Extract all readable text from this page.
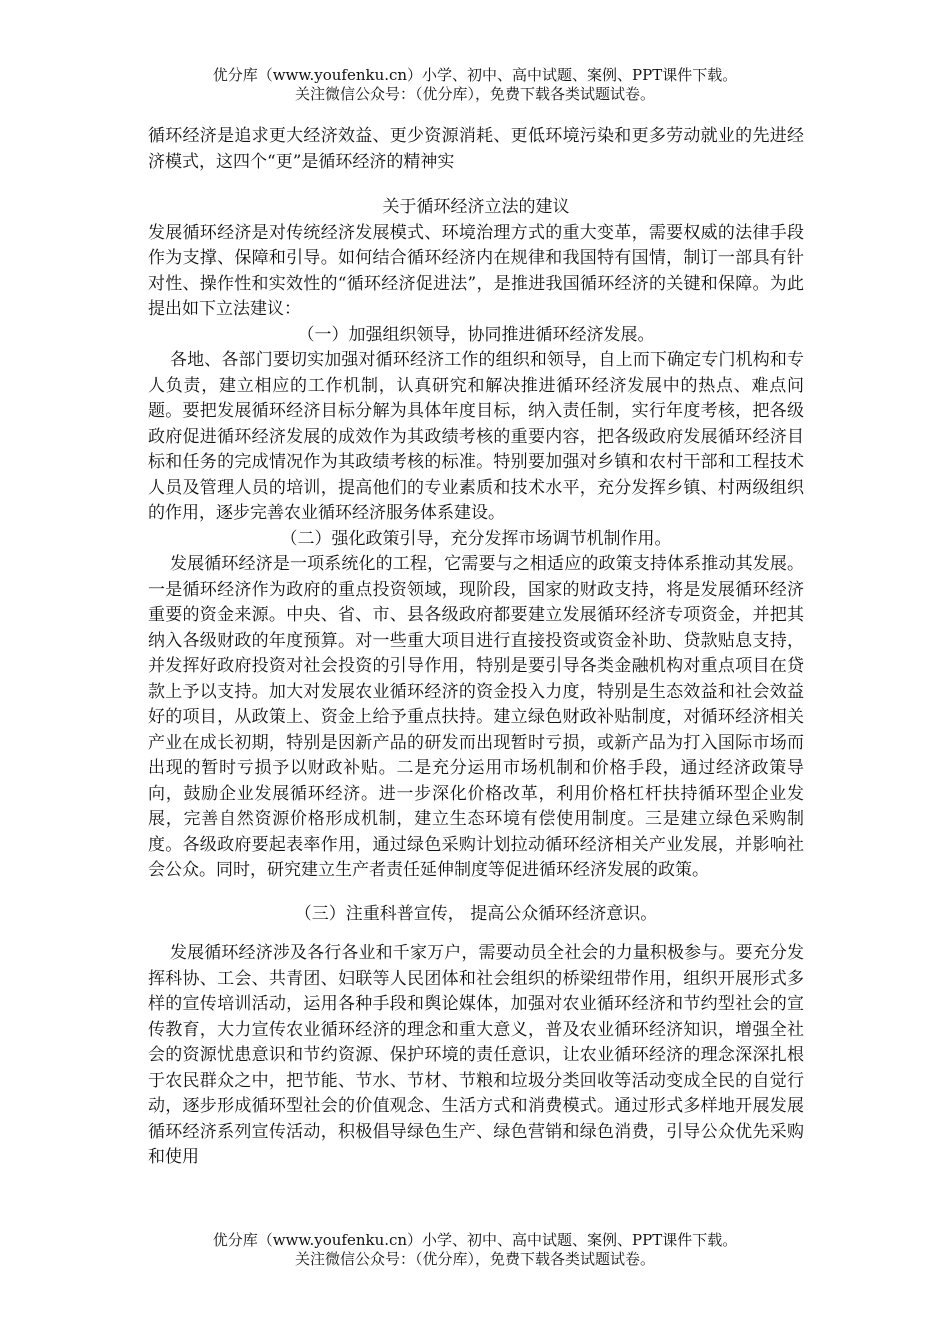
优分库（www.youfenku.cn）小学、初中、高中试题、案例、PPT课件下载。
关注微信公众号：（优分库），免费下载各类试题试卷。

循环经济是追求更大经济效益、更少资源消耗、更低环境污染和更多劳动就业的先进经济模式，这四个“更”是循环经济的精神实

关于循环经济立法的建议

发展循环经济是对传统经济发展模式、环境治理方式的重大变革，需要权威的法律手段作为支撑、保障和引导。如何结合循环经济内在规律和我国特有国情，制订一部具有针对性、操作性和实效性的“循环经济促进法”，是推进我国循环经济的关键和保障。为此提出如下立法建议：

（一）加强组织领导，协同推进循环经济发展。

各地、各部门要切实加强对循环经济工作的组织和领导，自上而下确定专门机构和专人负责，建立相应的工作机制，认真研究和解决推进循环经济发展中的热点、难点问题。要把发展循环经济目标分解为具体年度目标，纳入责任制，实行年度考核，把各级政府促进循环经济发展的成效作为其政绩考核的重要内容，把各级政府发展循环经济目标和任务的完成情况作为其政绩考核的标准。特别要加强对乡镇和农村干部和工程技术人员及管理人员的培训，提高他们的专业素质和技术水平，充分发挥乡镇、村两级组织的作用，逐步完善农业循环经济服务体系建设。

（二）强化政策引导，充分发挥市场调节机制作用。

发展循环经济是一项系统化的工程，它需要与之相适应的政策支持体系推动其发展。一是循环经济作为政府的重点投资领域，现阶段，国家的财政支持，将是发展循环经济重要的资金来源。中央、省、市、县各级政府都要建立发展循环经济专项资金，并把其纳入各级财政的年度预算。对一些重大项目进行直接投资或资金补助、贷款贴息支持，并发挥好政府投资对社会投资的引导作用，特别是要引导各类金融机构对重点项目在贷款上予以支持。加大对发展农业循环经济的资金投入力度，特别是生态效益和社会效益好的项目，从政策上、资金上给予重点扶持。建立绿色财政补贴制度，对循环经济相关产业在成长初期，特别是因新产品的研发而出现暂时亏损，或新产品为打入国际市场而出现的暂时亏损予以财政补贴。二是充分运用市场机制和价格手段，通过经济政策导向，鼓励企业发展循环经济。进一步深化价格改革，利用价格杠杆扶持循环型企业发展，完善自然资源价格形成机制，建立生态环境有偿使用制度。三是建立绿色采购制度。各级政府要起表率作用，通过绿色采购计划拉动循环经济相关产业发展，并影响社会公众。同时，研究建立生产者责任延伸制度等促进循环经济发展的政策。

（三）注重科普宣传， 提高公众循环经济意识。

发展循环经济涉及各行各业和千家万户，需要动员全社会的力量积极参与。要充分发挥科协、工会、共青团、妇联等人民团体和社会组织的桥梁纽带作用，组织开展形式多样的宣传培训活动，运用各种手段和舆论媒体，加强对农业循环经济和节约型社会的宣传教育，大力宣传农业循环经济的理念和重大意义，普及农业循环经济知识，增强全社会的资源忧患意识和节约资源、保护环境的责任意识，让农业循环经济的理念深深扎根于农民群众之中，把节能、节水、节材、节粮和垃圾分类回收等活动变成全民的自觉行动，逐步形成循环型社会的价值观念、生活方式和消费模式。通过形式多样地开展发展循环经济系列宣传活动，积极倡导绿色生产、绿色营销和绿色消费，引导公众优先采购和使用

优分库（www.youfenku.cn）小学、初中、高中试题、案例、PPT课件下载。
关注微信公众号：（优分库），免费下载各类试题试卷。
